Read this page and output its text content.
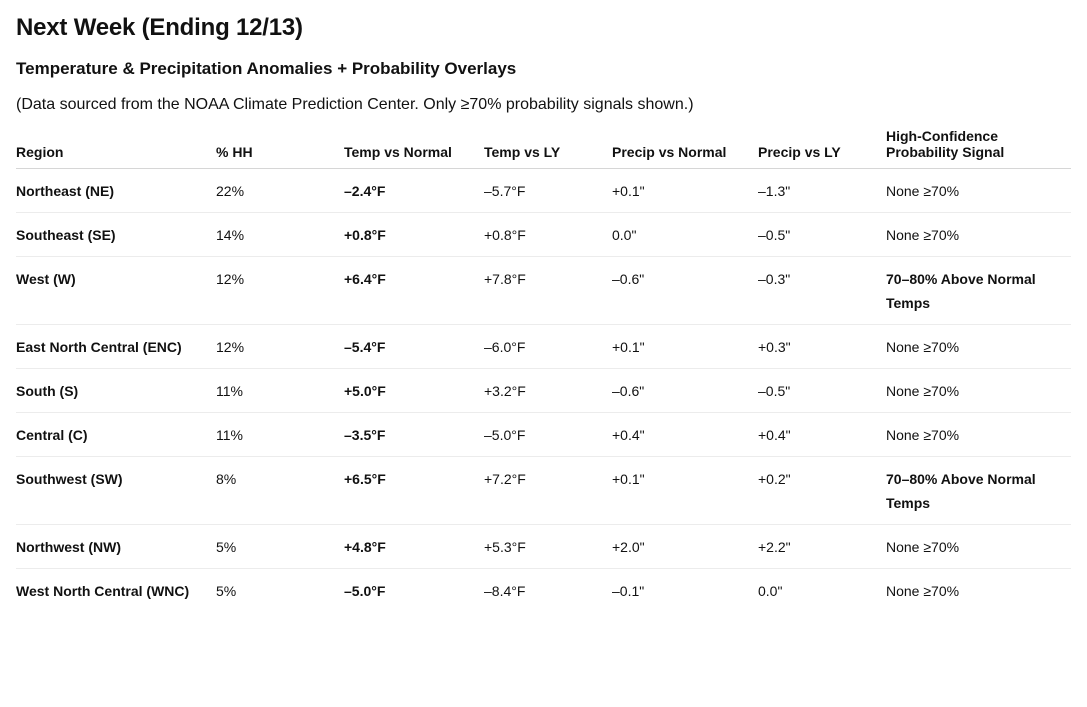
Next Week (Ending 12/13)
Temperature & Precipitation Anomalies + Probability Overlays

(Data sourced from the NOAA Climate Prediction Center. Only ≥70% probability signals shown.)

Region	% HH	Temp vs Normal	Temp vs LY	Precip vs Normal	Precip vs LY	High-Confidence Probability Signal
Northeast (NE)	22%	–2.4°F	–5.7°F	+0.1"	–1.3"	None ≥70%
Southeast (SE)	14%	+0.8°F	+0.8°F	0.0"	–0.5"	None ≥70%
West (W)	12%	+6.4°F	+7.8°F	–0.6"	–0.3"	70–80% Above Normal Temps
East North Central (ENC)	12%	–5.4°F	–6.0°F	+0.1"	+0.3"	None ≥70%
South (S)	11%	+5.0°F	+3.2°F	–0.6"	–0.5"	None ≥70%
Central (C)	11%	–3.5°F	–5.0°F	+0.4"	+0.4"	None ≥70%
Southwest (SW)	8%	+6.5°F	+7.2°F	+0.1"	+0.2"	70–80% Above Normal Temps
Northwest (NW)	5%	+4.8°F	+5.3°F	+2.0"	+2.2"	None ≥70%
West North Central (WNC)	5%	–5.0°F	–8.4°F	–0.1"	0.0"	None ≥70%
